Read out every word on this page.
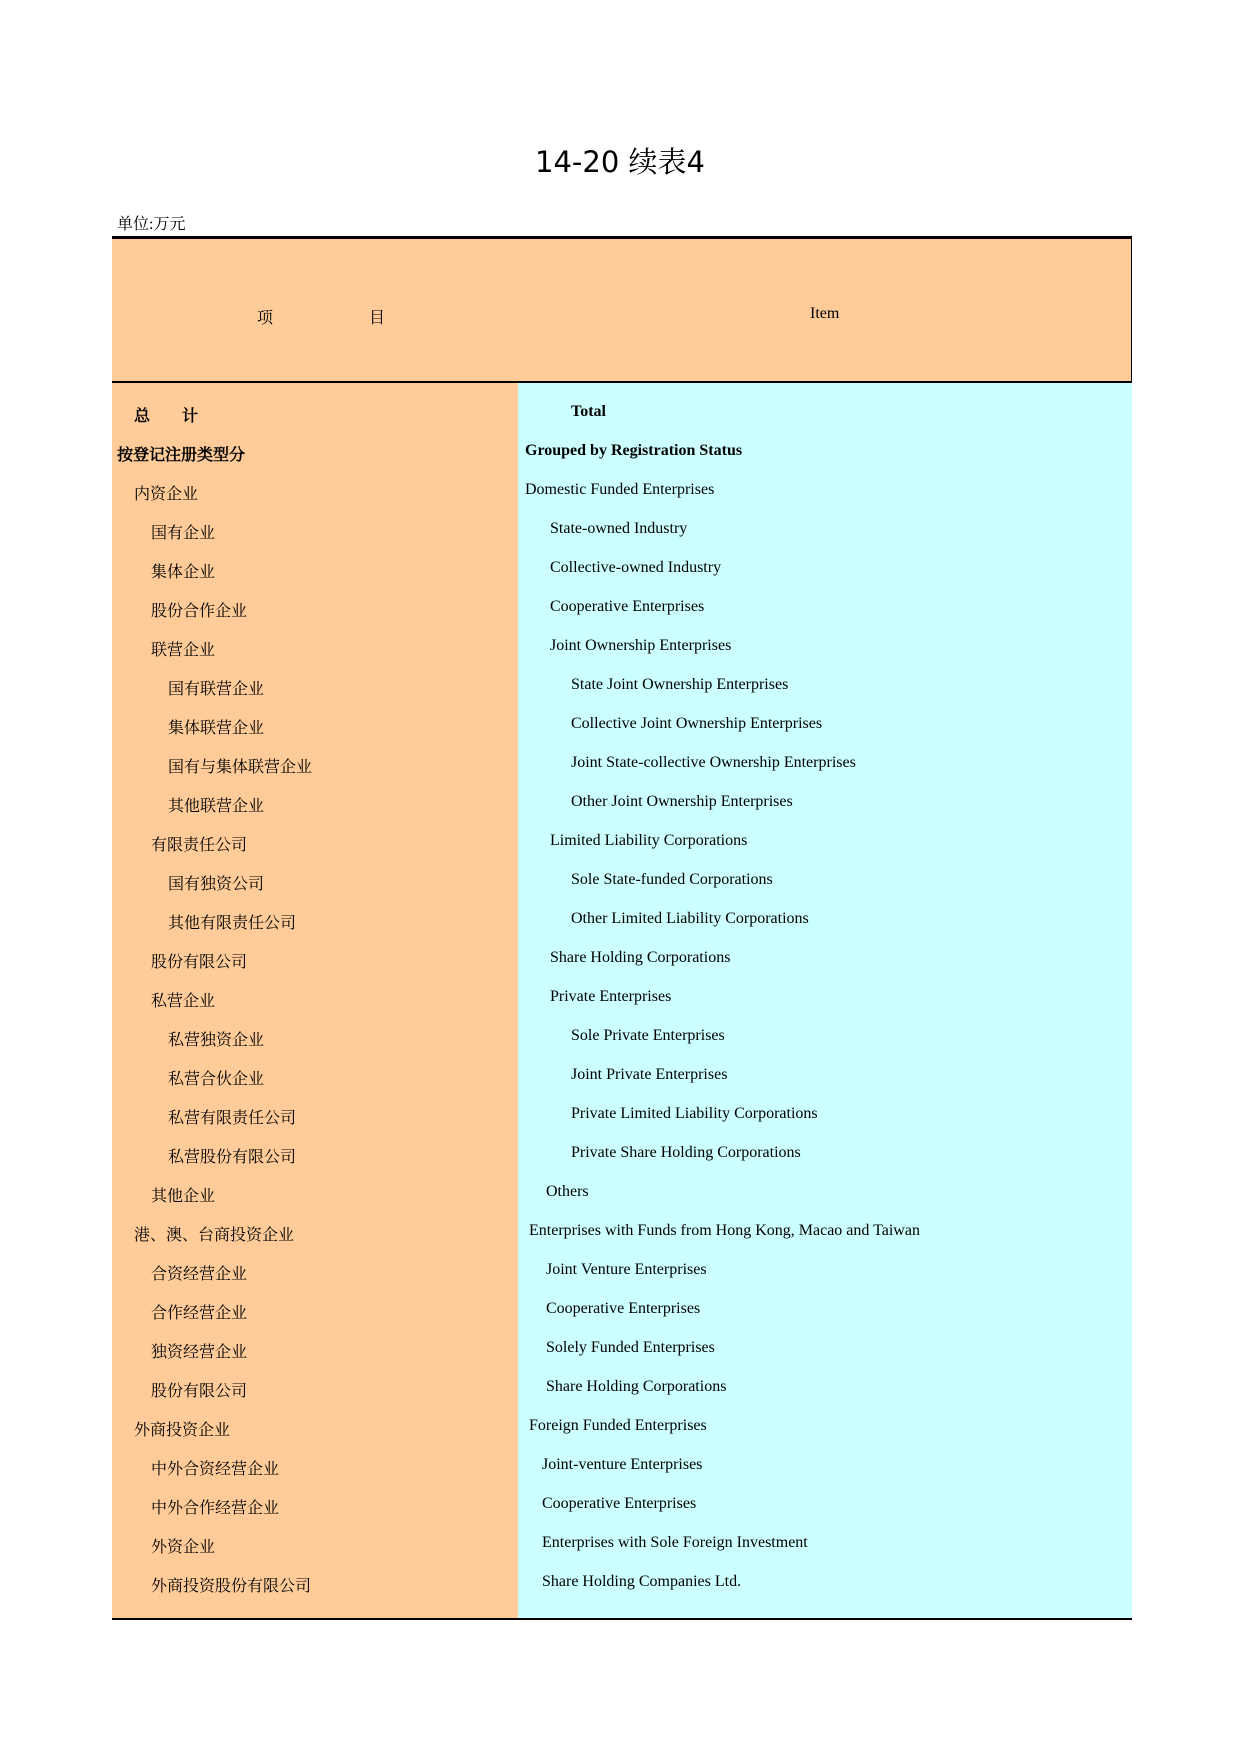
14-20 续表4
单位:万元
项 目	Item
总　　计	Total
按登记注册类型分	Grouped by Registration Status
内资企业	Domestic Funded Enterprises
国有企业	State-owned Industry
集体企业	Collective-owned Industry
股份合作企业	Cooperative Enterprises
联营企业	Joint Ownership Enterprises
国有联营企业	State Joint Ownership Enterprises
集体联营企业	Collective Joint Ownership Enterprises
国有与集体联营企业	Joint State-collective Ownership Enterprises
其他联营企业	Other Joint Ownership Enterprises
有限责任公司	Limited Liability Corporations
国有独资公司	Sole State-funded Corporations
其他有限责任公司	Other Limited Liability Corporations
股份有限公司	Share Holding Corporations
私营企业	Private Enterprises
私营独资企业	Sole Private Enterprises
私营合伙企业	Joint Private Enterprises
私营有限责任公司	Private Limited Liability Corporations
私营股份有限公司	Private Share Holding Corporations
其他企业	Others
港、澳、台商投资企业	Enterprises with Funds from Hong Kong, Macao and Taiwan
合资经营企业	Joint Venture Enterprises
合作经营企业	Cooperative Enterprises
独资经营企业	Solely Funded Enterprises
股份有限公司	Share Holding Corporations
外商投资企业	Foreign Funded Enterprises
中外合资经营企业	Joint-venture Enterprises
中外合作经营企业	Cooperative Enterprises
外资企业	Enterprises with Sole Foreign Investment
外商投资股份有限公司	Share Holding Companies Ltd.
